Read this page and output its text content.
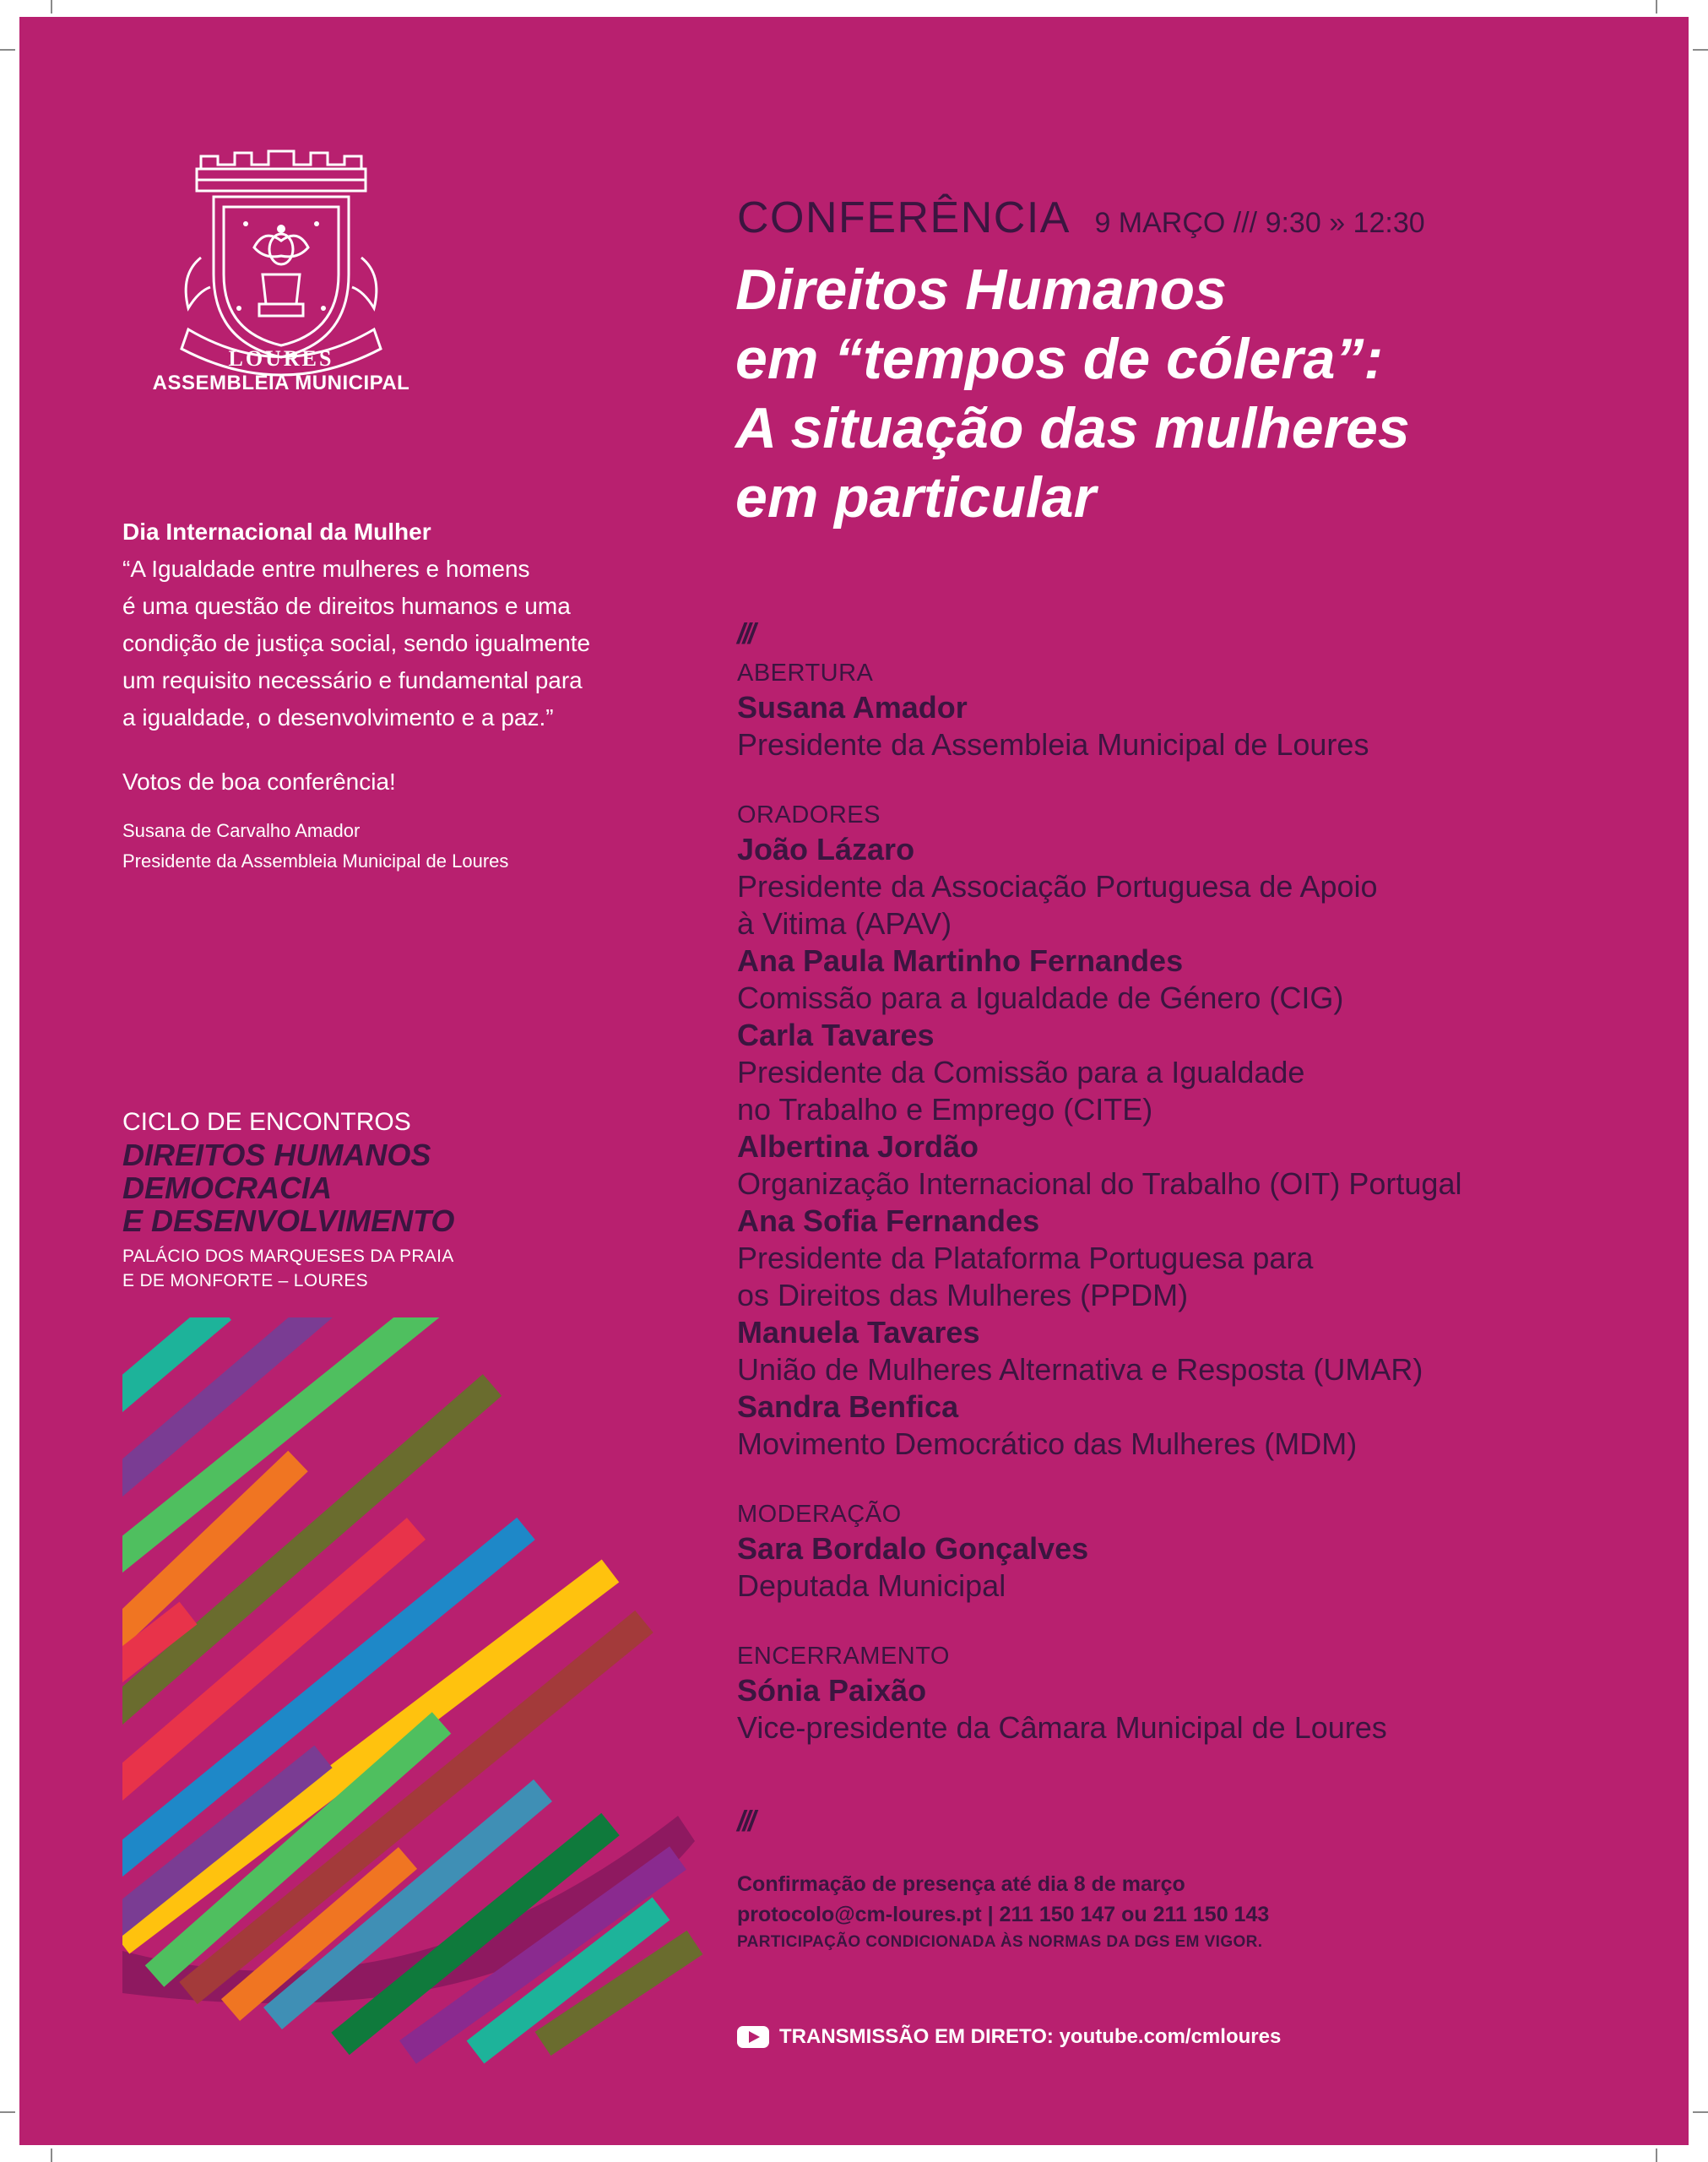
LOURES
ASSEMBLEIA MUNICIPAL
Dia Internacional da Mulher
“A Igualdade entre mulheres e homens
é uma questão de direitos humanos e uma
condição de justiça social, sendo igualmente
um requisito necessário e fundamental para
a igualdade, o desenvolvimento e a paz.”
Votos de boa conferência!
Susana de Carvalho Amador
Presidente da Assembleia Municipal de Loures
CICLO DE ENCONTROS
DIREITOS HUMANOS
DEMOCRACIA
E DESENVOLVIMENTO
PALÁCIO DOS MARQUESES DA PRAIA
E DE MONFORTE – LOURES
CONFERÊNCIA 9 MARÇO /// 9:30 » 12:30
Direitos Humanos
em “tempos de cólera”:
A situação das mulheres
em particular
///
ABERTURA
Susana Amador
Presidente da Assembleia Municipal de Loures
ORADORES
João Lázaro
Presidente da Associação Portuguesa de Apoio
à Vitima (APAV)
Ana Paula Martinho Fernandes
Comissão para a Igualdade de Género (CIG)
Carla Tavares
Presidente da Comissão para a Igualdade
no Trabalho e Emprego (CITE)
Albertina Jordão
Organização Internacional do Trabalho (OIT) Portugal
Ana Sofia Fernandes
Presidente da Plataforma Portuguesa para
os Direitos das Mulheres (PPDM)
Manuela Tavares
União de Mulheres Alternativa e Resposta (UMAR)
Sandra Benfica
Movimento Democrático das Mulheres (MDM)
MODERAÇÃO
Sara Bordalo Gonçalves
Deputada Municipal
ENCERRAMENTO
Sónia Paixão
Vice-presidente da Câmara Municipal de Loures
///
Confirmação de presença até dia 8 de março
protocolo@cm-loures.pt | 211 150 147 ou 211 150 143
PARTICIPAÇÃO CONDICIONADA ÀS NORMAS DA DGS EM VIGOR.
TRANSMISSÃO EM DIRETO: youtube.com/cmloures
